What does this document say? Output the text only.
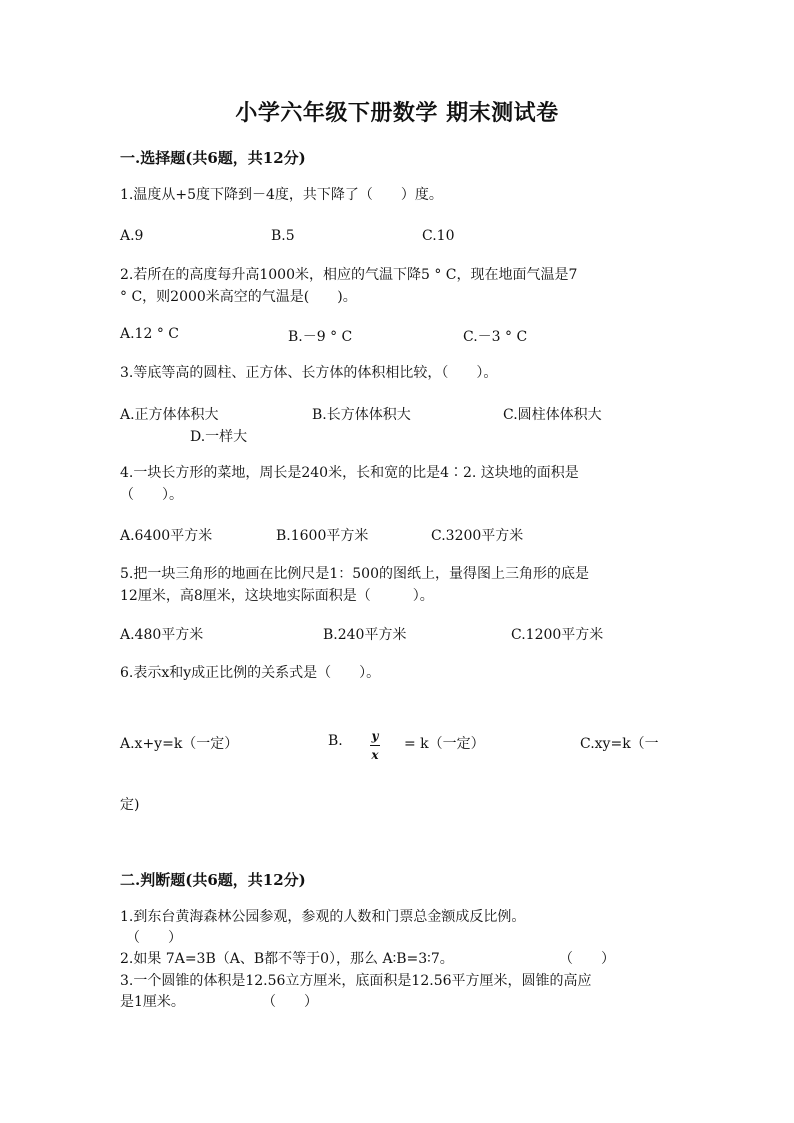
小学六年级下册数学 期末测试卷
一.选择题(共6题，共12分)
1.温度从+5度下降到－4度，共下降了（　　）度。
A.9	B.5	C.10
2.若所在的高度每升高1000米，相应的气温下降5 ° C，现在地面气温是7
° C，则2000米高空的气温是(　　)。
A.12 ° C	B.－9 ° C	C.－3 ° C
3.等底等高的圆柱、正方体、长方体的体积相比较，（　　）。
A.正方体体积大	B.长方体体积大	C.圆柱体体积大
D.一样大
4.一块长方形的菜地，周长是240米，长和宽的比是4∶2. 这块地的面积是
（　　）。
A.6400平方米	B.1600平方米	C.3200平方米
5.把一块三角形的地画在比例尺是1：500的图纸上，量得图上三角形的底是
12厘米，高8厘米，这块地实际面积是（　　　）。
A.480平方米	B.240平方米	C.1200平方米
6.表示x和y成正比例的关系式是（　　）。
A.x+y=k（一定）	B. y
x
= k（一定）	C.xy=k（一
定)
二.判断题(共6题，共12分)
1.到东台黄海森林公园参观，参观的人数和门票总金额成反比例。
（　　）
2.如果 7A=3B（A、B都不等于0），那么 A∶B=3∶7。	（　　）
3.一个圆锥的体积是12.56立方厘米，底面积是12.56平方厘米，圆锥的高应
是1厘米。	（　　）
